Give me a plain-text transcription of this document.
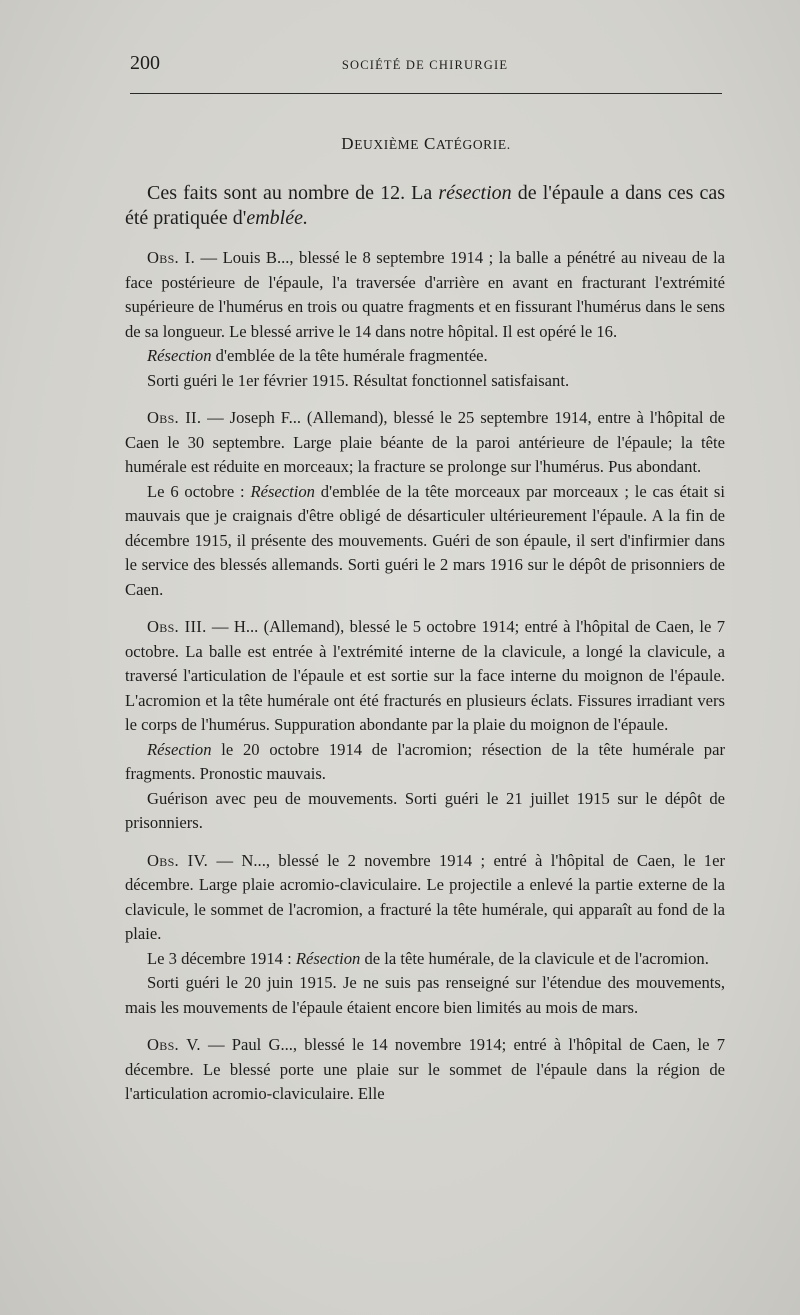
200	SOCIÉTÉ DE CHIRURGIE
DEUXIÈME CATÉGORIE.
Ces faits sont au nombre de 12. La résection de l'épaule a dans ces cas été pratiquée d'emblée.

Obs. I. — Louis B..., blessé le 8 septembre 1914 ; la balle a pénétré au niveau de la face postérieure de l'épaule, l'a traversée d'arrière en avant en fracturant l'extrémité supérieure de l'humérus en trois ou quatre fragments et en fissurant l'humérus dans le sens de sa longueur. Le blessé arrive le 14 dans notre hôpital. Il est opéré le 16.

Résection d'emblée de la tête humérale fragmentée.

Sorti guéri le 1er février 1915. Résultat fonctionnel satisfaisant.

Obs. II. — Joseph F... (Allemand), blessé le 25 septembre 1914, entre à l'hôpital de Caen le 30 septembre. Large plaie béante de la paroi antérieure de l'épaule; la tête humérale est réduite en morceaux; la fracture se prolonge sur l'humérus. Pus abondant.

Le 6 octobre : Résection d'emblée de la tête morceaux par morceaux ; le cas était si mauvais que je craignais d'être obligé de désarticuler ultérieurement l'épaule. A la fin de décembre 1915, il présente des mouvements. Guéri de son épaule, il sert d'infirmier dans le service des blessés allemands. Sorti guéri le 2 mars 1916 sur le dépôt de prisonniers de Caen.

Obs. III. — H... (Allemand), blessé le 5 octobre 1914; entré à l'hôpital de Caen, le 7 octobre. La balle est entrée à l'extrémité interne de la clavicule, a longé la clavicule, a traversé l'articulation de l'épaule et est sortie sur la face interne du moignon de l'épaule. L'acromion et la tête humérale ont été fracturés en plusieurs éclats. Fissures irradiant vers le corps de l'humérus. Suppuration abondante par la plaie du moignon de l'épaule.

Résection le 20 octobre 1914 de l'acromion; résection de la tête humérale par fragments. Pronostic mauvais.

Guérison avec peu de mouvements. Sorti guéri le 21 juillet 1915 sur le dépôt de prisonniers.

Obs. IV. — N..., blessé le 2 novembre 1914 ; entré à l'hôpital de Caen, le 1er décembre. Large plaie acromio-claviculaire. Le projectile a enlevé la partie externe de la clavicule, le sommet de l'acromion, a fracturé la tête humérale, qui apparaît au fond de la plaie.

Le 3 décembre 1914 : Résection de la tête humérale, de la clavicule et de l'acromion.

Sorti guéri le 20 juin 1915. Je ne suis pas renseigné sur l'étendue des mouvements, mais les mouvements de l'épaule étaient encore bien limités au mois de mars.

Obs. V. — Paul G..., blessé le 14 novembre 1914; entré à l'hôpital de Caen, le 7 décembre. Le blessé porte une plaie sur le sommet de l'épaule dans la région de l'articulation acromio-claviculaire. Elle
